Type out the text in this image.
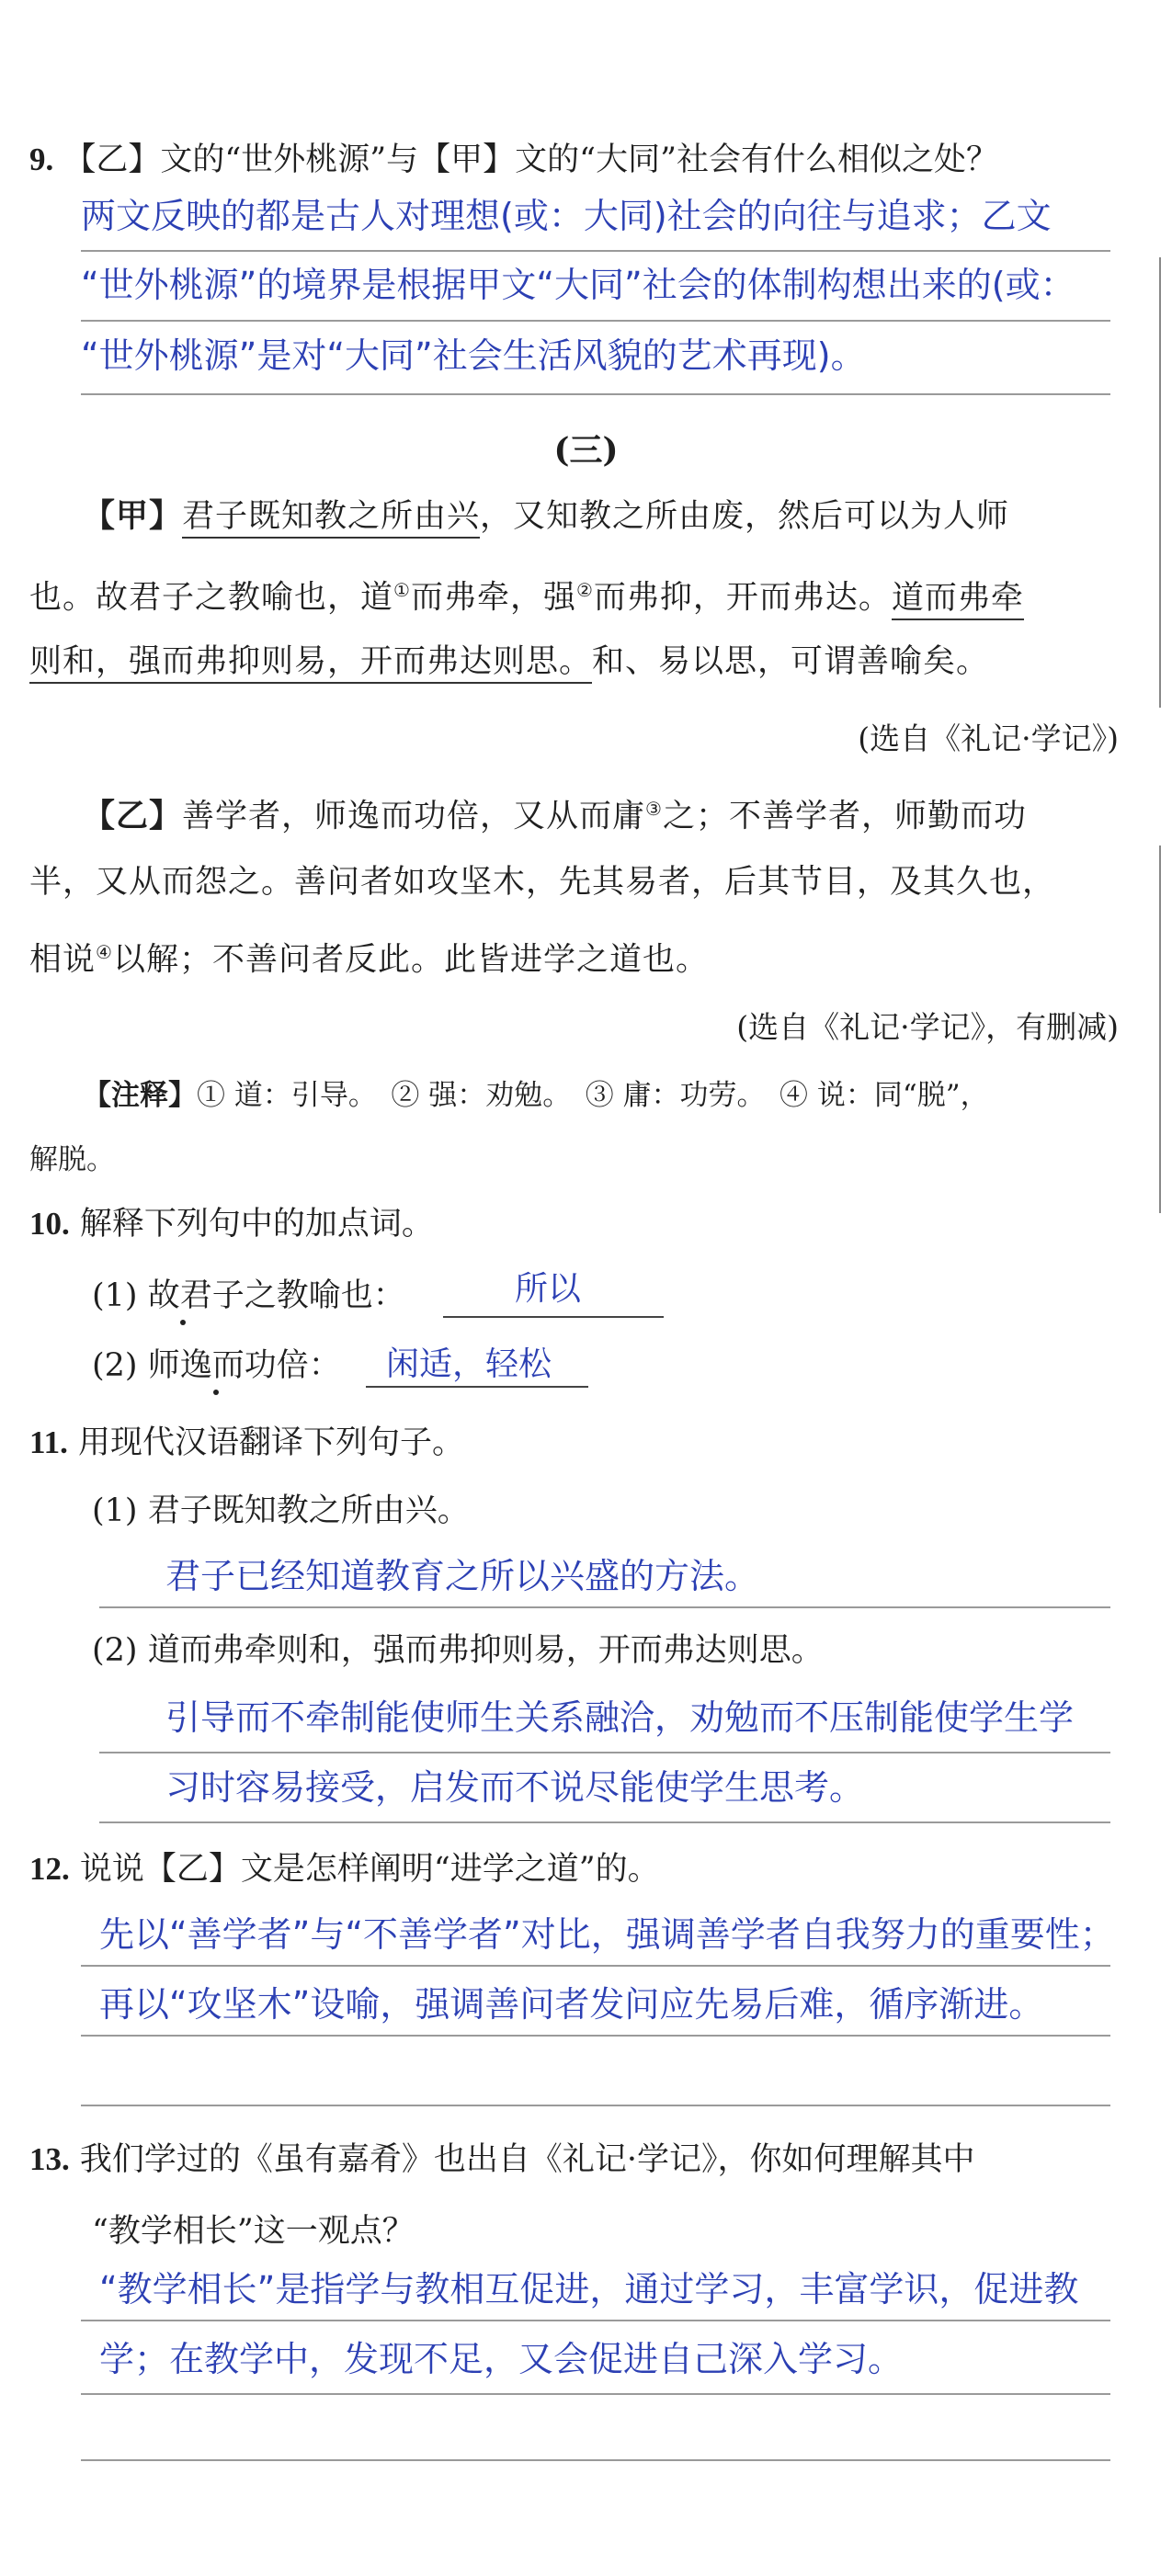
9. 【乙】文的“世外桃源”与【甲】文的“大同”社会有什么相似之处？
两文反映的都是古人对理想(或：大同)社会的向往与追求；乙文
“世外桃源”的境界是根据甲文“大同”社会的体制构想出来的(或：
“世外桃源”是对“大同”社会生活风貌的艺术再现)。
(三)
【甲】君子既知教之所由兴，又知教之所由废，然后可以为人师
也。故君子之教喻也，道①而弗牵，强②而弗抑，开而弗达。道而弗牵
则和，强而弗抑则易，开而弗达则思。和、易以思，可谓善喻矣。
(选自《礼记·学记》)
【乙】善学者，师逸而功倍，又从而庸③之；不善学者，师勤而功
半，又从而怨之。善问者如攻坚木，先其易者，后其节目，及其久也，
相说④以解；不善问者反此。此皆进学之道也。
(选自《礼记·学记》，有删减)
【注释】① 道：引导。　② 强：劝勉。　③ 庸：功劳。　④ 说：同“脱”，
解脱。
10. 解释下列句中的加点词。
(1) 故君子之教喻也：	所以
(2) 师逸而功倍： 闲适，轻松
11. 用现代汉语翻译下列句子。
(1) 君子既知教之所由兴。
君子已经知道教育之所以兴盛的方法。
(2) 道而弗牵则和，强而弗抑则易，开而弗达则思。
引导而不牵制能使师生关系融洽，劝勉而不压制能使学生学
习时容易接受，启发而不说尽能使学生思考。
12. 说说【乙】文是怎样阐明“进学之道”的。
先以“善学者”与“不善学者”对比，强调善学者自我努力的重要性；
再以“攻坚木”设喻，强调善问者发问应先易后难，循序渐进。
13. 我们学过的《虽有嘉肴》也出自《礼记·学记》，你如何理解其中
“教学相长”这一观点？
“教学相长”是指学与教相互促进，通过学习，丰富学识，促进教
学；在教学中，发现不足，又会促进自己深入学习。
